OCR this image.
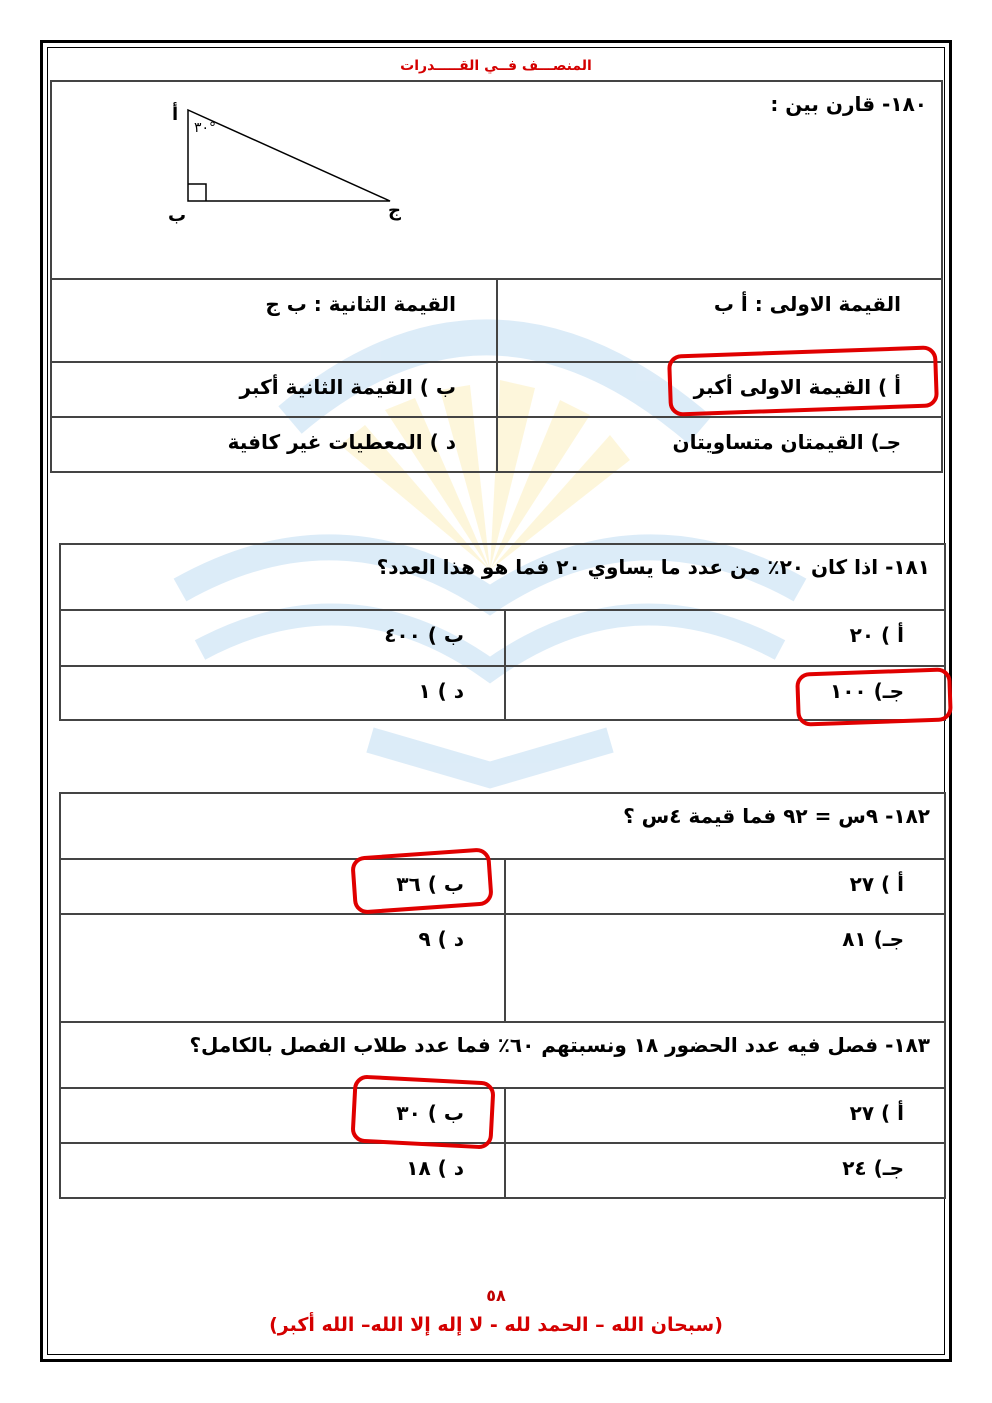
المنصـــف فــي القـــــدرات
١٨٠- قارن بين :	
القيمة الاولى : أ ب	القيمة الثانية : ب ج
أ ) القيمة الاولى أكبر	ب ) القيمة الثانية أكبر
جـ) القيمتان متساويتان	د ) المعطيات غير كافية
أ
ب	ج
٣٠°
١٨١- اذا كان ٢٠٪ من عدد ما يساوي ٢٠ فما هو هذا العدد؟	
أ ) ٢٠	ب ) ٤٠٠
جـ) ١٠٠	د ) ١
١٨٢- ٩س = ٩٢ فما قيمة ٤س ؟	
أ ) ٢٧	ب ) ٣٦
جـ) ٨١	د ) ٩
١٨٣- فصل فيه عدد الحضور ١٨ ونسبتهم ٦٠٪ فما عدد طلاب الفصل بالكامل؟	
أ ) ٢٧	ب ) ٣٠
جـ) ٢٤	د ) ١٨
٥٨
(سبحان الله – الحمد لله - لا إله إلا الله– الله أكبر)
